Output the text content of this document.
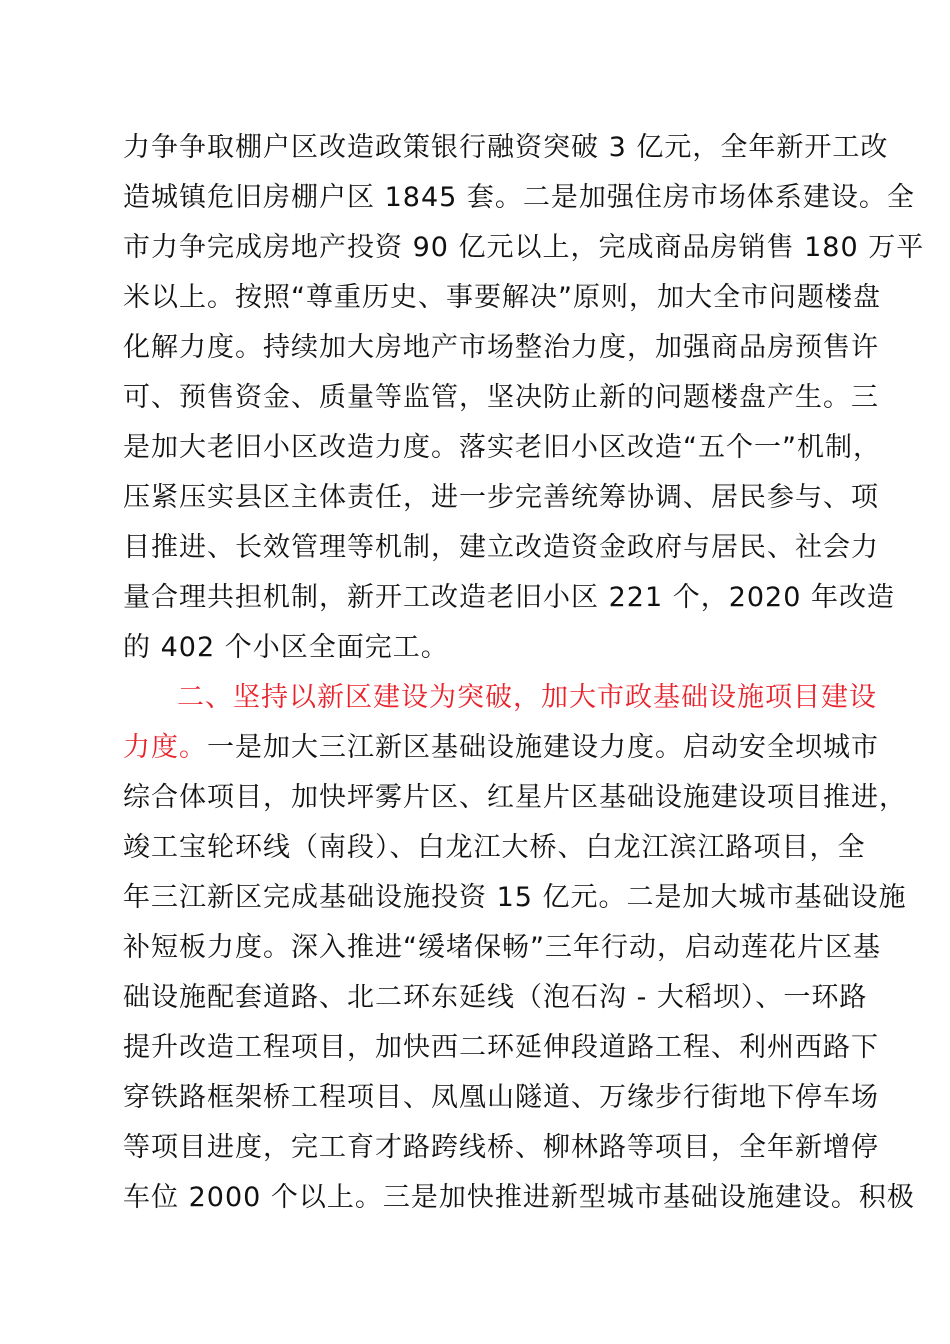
力争争取棚户区改造政策银行融资突破 3 亿元，全年新开工改
造城镇危旧房棚户区 1845 套。二是加强住房市场体系建设。全
市力争完成房地产投资 90 亿元以上，完成商品房销售 180 万平
米以上。按照“尊重历史、事要解决”原则，加大全市问题楼盘
化解力度。持续加大房地产市场整治力度，加强商品房预售许
可、预售资金、质量等监管，坚决防止新的问题楼盘产生。三
是加大老旧小区改造力度。落实老旧小区改造“五个一”机制，
压紧压实县区主体责任，进一步完善统筹协调、居民参与、项
目推进、长效管理等机制，建立改造资金政府与居民、社会力
量合理共担机制，新开工改造老旧小区 221 个，2020 年改造
的 402 个小区全面完工。
二、坚持以新区建设为突破，加大市政基础设施项目建设
力度。一是加大三江新区基础设施建设力度。启动安全坝城市
综合体项目，加快坪雾片区、红星片区基础设施建设项目推进，
竣工宝轮环线（南段）、白龙江大桥、白龙江滨江路项目，全
年三江新区完成基础设施投资 15 亿元。二是加大城市基础设施
补短板力度。深入推进“缓堵保畅”三年行动，启动莲花片区基
础设施配套道路、北二环东延线（泡石沟 - 大稻坝）、一环路
提升改造工程项目，加快西二环延伸段道路工程、利州西路下
穿铁路框架桥工程项目、凤凰山隧道、万缘步行街地下停车场
等项目进度，完工育才路跨线桥、柳林路等项目，全年新增停
车位 2000 个以上。三是加快推进新型城市基础设施建设。积极
